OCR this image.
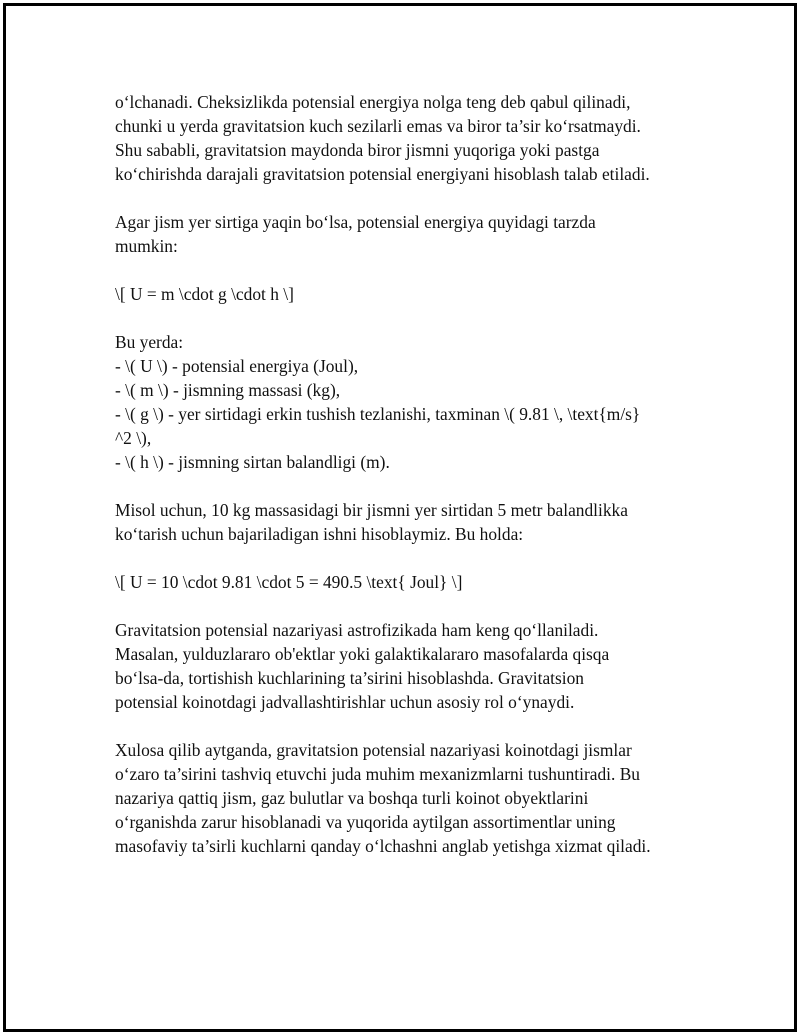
o‘lchanadi. Cheksizlikda potensial energiya nolga teng deb qabul qilinadi,
chunki u yerda gravitatsion kuch sezilarli emas va biror ta’sir ko‘rsatmaydi.
Shu sababli, gravitatsion maydonda biror jismni yuqoriga yoki pastga
ko‘chirishda darajali gravitatsion potensial energiyani hisoblash talab etiladi.

Agar jism yer sirtiga yaqin bo‘lsa, potensial energiya quyidagi tarzda
mumkin:

\[ U = m \cdot g \cdot h \]

Bu yerda:
- \( U \) - potensial energiya (Joul),
- \( m \) - jismning massasi (kg),
- \( g \) - yer sirtidagi erkin tushish tezlanishi, taxminan \( 9.81 \, \text{m/s}
^2 \),
- \( h \) - jismning sirtan balandligi (m).

Misol uchun, 10 kg massasidagi bir jismni yer sirtidan 5 metr balandlikka
ko‘tarish uchun bajariladigan ishni hisoblaymiz. Bu holda:

\[ U = 10 \cdot 9.81 \cdot 5 = 490.5 \text{ Joul} \]

Gravitatsion potensial nazariyasi astrofizikada ham keng qo‘llaniladi.
Masalan, yulduzlararo ob'ektlar yoki galaktikalararo masofalarda qisqa
bo‘lsa-da, tortishish kuchlarining ta’sirini hisoblashda. Gravitatsion
potensial koinotdagi jadvallashtirishlar uchun asosiy rol o‘ynaydi.

Xulosa qilib aytganda, gravitatsion potensial nazariyasi koinotdagi jismlar
o‘zaro ta’sirini tashviq etuvchi juda muhim mexanizmlarni tushuntiradi. Bu
nazariya qattiq jism, gaz bulutlar va boshqa turli koinot obyektlarini
o‘rganishda zarur hisoblanadi va yuqorida aytilgan assortimentlar uning
masofaviy ta’sirli kuchlarni qanday o‘lchashni anglab yetishga xizmat qiladi.
